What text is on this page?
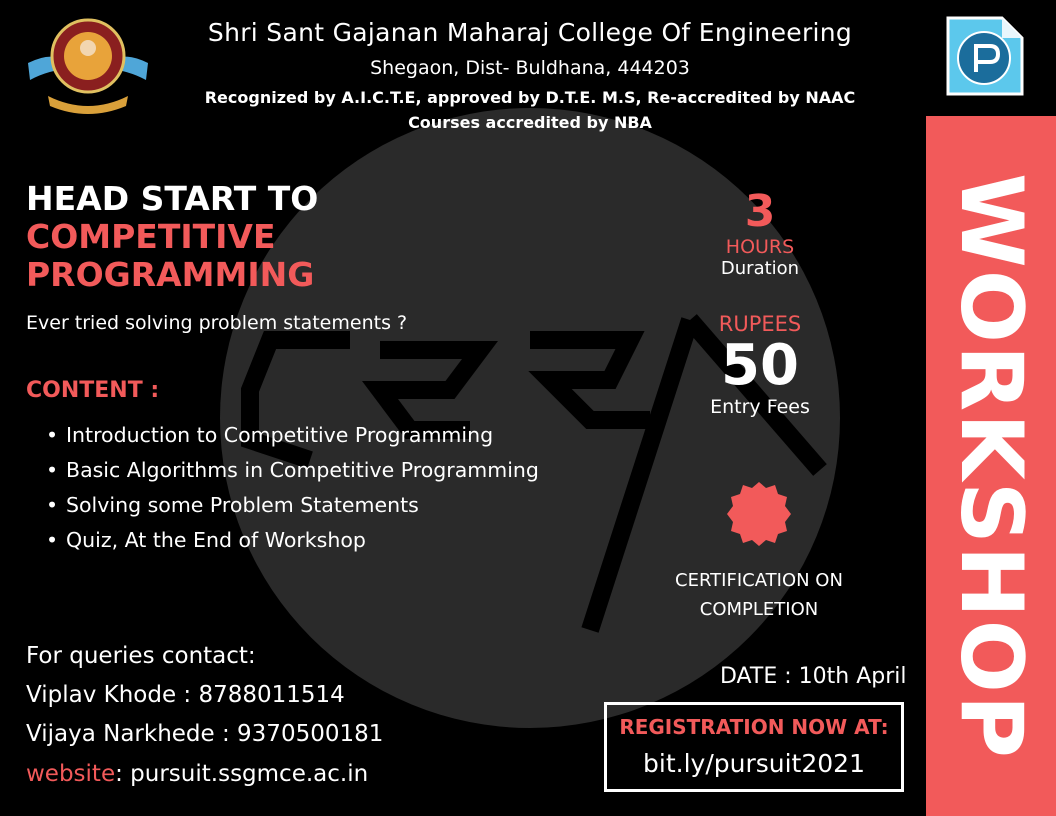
Shri Sant Gajanan Maharaj College Of Engineering
Shegaon, Dist- Buldhana, 444203
Recognized by A.I.C.T.E, approved by D.T.E. M.S, Re-accredited by NAAC
Courses accredited by NBA
HEAD START TO
COMPETITIVE
PROGRAMMING
Ever tried solving problem statements ?
CONTENT :
• Introduction to Competitive Programming
• Basic Algorithms in Competitive Programming
• Solving some Problem Statements
• Quiz, At the End of Workshop
For queries contact:
Viplav Khode : 8788011514
Vijaya Narkhede : 9370500181
website: pursuit.ssgmce.ac.in
3
HOURS
Duration
RUPEES
50
Entry Fees
CERTIFICATION ON
COMPLETION
DATE : 10th April
REGISTRATION NOW AT:
bit.ly/pursuit2021
WORKSHOP
